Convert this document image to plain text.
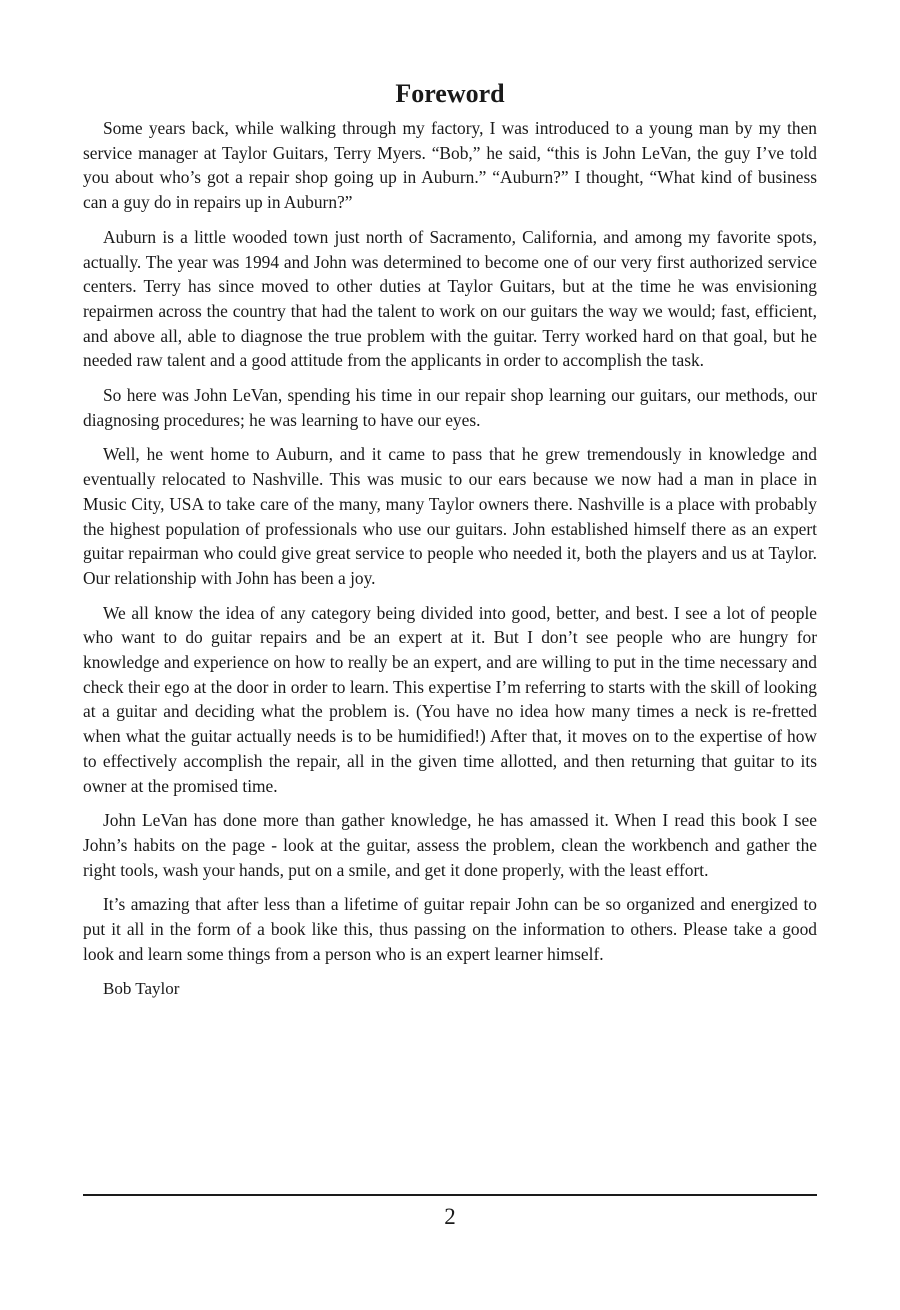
Foreword

Some years back, while walking through my factory, I was introduced to a young man by my then service manager at Taylor Guitars, Terry Myers. “Bob,” he said, “this is John LeVan, the guy I’ve told you about who’s got a repair shop going up in Auburn.” “Auburn?” I thought, “What kind of business can a guy do in repairs up in Auburn?”

Auburn is a little wooded town just north of Sacramento, California, and among my favorite spots, actually. The year was 1994 and John was determined to become one of our very first authorized service centers. Terry has since moved to other duties at Taylor Guitars, but at the time he was envisioning repairmen across the country that had the talent to work on our guitars the way we would; fast, efficient, and above all, able to diagnose the true problem with the guitar. Terry worked hard on that goal, but he needed raw talent and a good attitude from the applicants in order to accomplish the task.

So here was John LeVan, spending his time in our repair shop learning our guitars, our methods, our diagnosing procedures; he was learning to have our eyes.

Well, he went home to Auburn, and it came to pass that he grew tremendously in knowledge and eventually relocated to Nashville. This was music to our ears because we now had a man in place in Music City, USA to take care of the many, many Taylor owners there. Nashville is a place with probably the highest population of professionals who use our guitars. John established himself there as an expert guitar repairman who could give great service to people who needed it, both the players and us at Taylor. Our relationship with John has been a joy.

We all know the idea of any category being divided into good, better, and best. I see a lot of people who want to do guitar repairs and be an expert at it. But I don’t see people who are hungry for knowledge and experience on how to really be an expert, and are willing to put in the time necessary and check their ego at the door in order to learn. This expertise I’m referring to starts with the skill of looking at a guitar and deciding what the problem is. (You have no idea how many times a neck is re-fretted when what the guitar actually needs is to be humidified!) After that, it moves on to the expertise of how to effectively accomplish the repair, all in the given time allotted, and then returning that guitar to its owner at the promised time.

John LeVan has done more than gather knowledge, he has amassed it. When I read this book I see John’s habits on the page - look at the guitar, assess the problem, clean the workbench and gather the right tools, wash your hands, put on a smile, and get it done properly, with the least effort.

It’s amazing that after less than a lifetime of guitar repair John can be so organized and energized to put it all in the form of a book like this, thus passing on the information to others. Please take a good look and learn some things from a person who is an expert learner himself.

Bob Taylor
2
